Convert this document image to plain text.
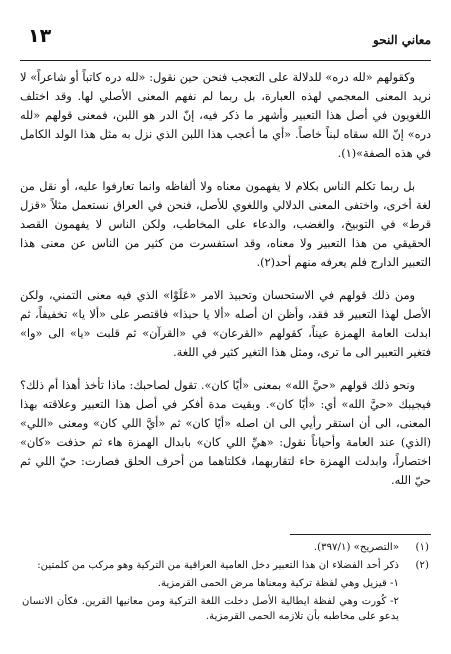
معاني النحو
١٣

وكقولهم «لله دره» للدلالة على التعجب فنحن حين نقول: «لله دره كاتباً أو شاعراً» لا نريد المعنى المعجمي لهذه العبارة، بل ربما لم نفهم المعنى الأصلي لها. وقد اختلف اللغويون في أصل هذا التعبير وأشهر ما ذكر فيه، إنّ الدر هو اللبن، فمعنى قولهم «لله دره» إنّ الله سقاه لبناً خاصاً. «أي ما أعجب هذا اللبن الذي نزل به مثل هذا الولد الكامل في هذه الصفة»(١).

بل ربما تكلم الناس بكلام لا يفهمون معناه ولا ألفاظه وانما تعارفوا عليه، أو نقل من لغة أخرى، واختفى المعنى الدلالي واللغوي للأصل، فنحن في العراق نستعمل مثلاً «قزل قرط» في التوبيخ، والغضب، والدعاء على المخاطب، ولكن الناس لا يفهمون القصد الحقيقي من هذا التعبير ولا معناه، وقد استفسرت من كثير من الناس عن معنى هذا التعبير الدارج فلم يعرفه منهم أحد(٢).

ومن ذلك قولهم في الاستحسان وتحبيذ الامر «عَلَوْا» الذي فيه معنى التمني، ولكن الأصل لهذا التعبير قد فقد، وأظن ان أصله «ألا يا حبذا» فاقتصر على «ألا يا» تخفيفاً، ثم ابدلت العامة الهمزة عيناً، كقولهم «القرعان» في «القرآن» ثم قلبت «يا» الى «وا» فتغير التعبير الى ما ترى، ومثل هذا التغير كثير في اللغة.

ونحو ذلك قولهم «حيَّ الله» بمعنى «أيًا كان». تقول لصاحبك: ماذا تأخذ أهذا أم ذلك؟ فيجيبك «حيَّ الله» أي: «أيًا كان». وبقيت مدة أفكر في أصل هذا التعبير وعلاقته بهذا المعنى، الى أن استقر رأيي الى ان اصله «أيًا كان» ثم «أيَّ اللي كان» ومعنى «اللي» (الذي) عند العامة وأحياناً نقول: «هيِّ اللي كان» بابدال الهمزة هاء ثم حذفت «كان» اختصاراً، وابدلت الهمزة حاء لتقاربهما، فكلتاهما من أحرف الحلق فصارت: حيّ اللي ثم حيّ الله.

(١)
«التصريح» (٣٩٧/١).

(٢)
ذكر أحد الفضلاء ان هذا التعبير دخل العامية العراقية من التركية وهو مركب من كلمتين:

١- قيزيل وهي لفظة تركية ومعناها مرض الحمى القرمزية.

٢- كُورت وهي لفظة ايطالية الأصل دخلت اللغة التركية ومن معانيها القرين. فكأن الانسان يدعو على مخاطبه بأن تلازمه الحمى القرمزية.
